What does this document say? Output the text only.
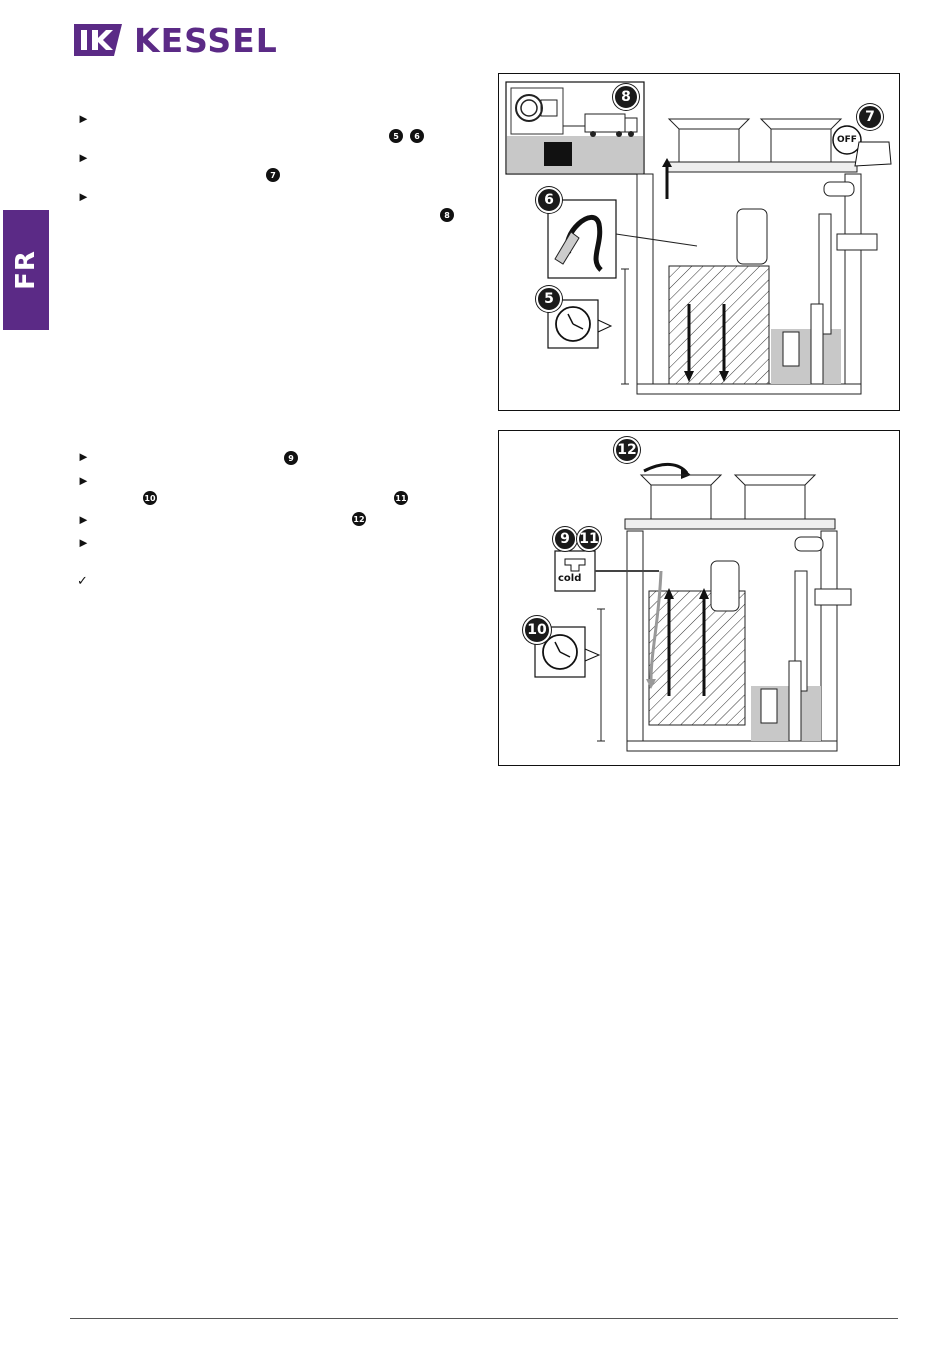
KESSEL
FR
►
5	6
►
7
►
8
OFF
8
7
6
5
►	9
►
10	11
►	12
►
✓	cold
12
9 11
10
